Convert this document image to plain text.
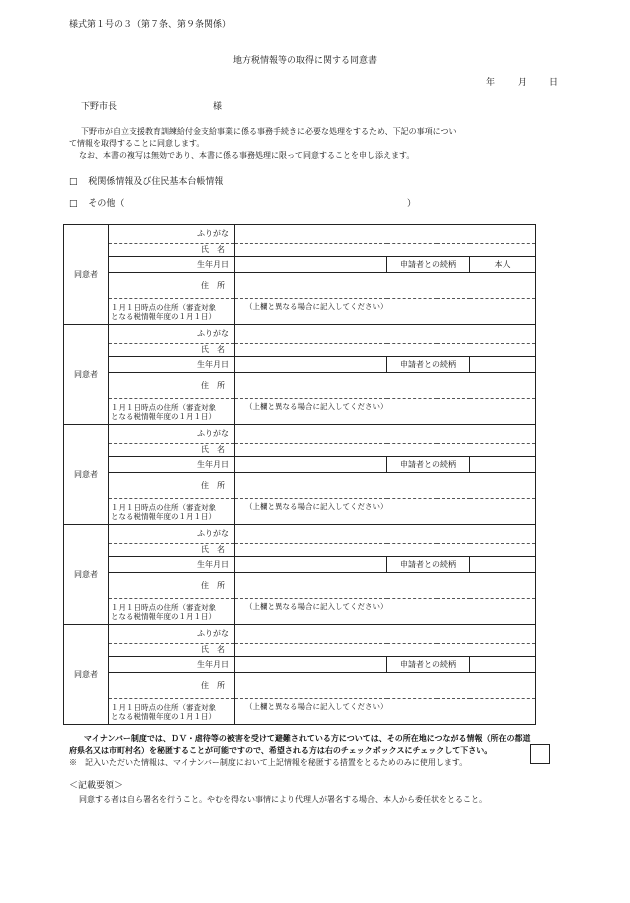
様式第１号の３（第７条、第９条関係）
地方税情報等の取得に関する同意書
年	月 日
下野市長	様
下野市が自立支援教育訓練給付金支給事業に係る事務手続きに必要な処理をするため、下記の事項につい
て情報を取得することに同意します。
なお、本書の複写は無効であり、本書に係る事務処理に限って同意することを申し添えます。
□ 税関係情報及び住民基本台帳情報
□ その他（	）
同意者	ふりがな			
	氏　名			
	生年月日		申請者との続柄	本人
	住　所			

	１月１日時点の住所（審査対象
となる税情報年度の１月１日）	（上欄と異なる場合に記入してください）		
同意者	ふりがな			
	氏　名			
	生年月日		申請者との続柄	
	住　所			

	１月１日時点の住所（審査対象
となる税情報年度の１月１日）	（上欄と異なる場合に記入してください）		
同意者	ふりがな			
	氏　名			
	生年月日		申請者との続柄	
	住　所			

	１月１日時点の住所（審査対象
となる税情報年度の１月１日）	（上欄と異なる場合に記入してください）		
同意者	ふりがな			
	氏　名			
	生年月日		申請者との続柄	
	住　所			

	１月１日時点の住所（審査対象
となる税情報年度の１月１日）	（上欄と異なる場合に記入してください）		
同意者	ふりがな			
	氏　名			
	生年月日		申請者との続柄	
	住　所			

	１月１日時点の住所（審査対象
となる税情報年度の１月１日）	（上欄と異なる場合に記入してください）		
マイナンバー制度では、ＤＶ・虐待等の被害を受けて避難されている方については、その所在地につながる情報（所在の都道
府県名又は市町村名）を秘匿することが可能ですので、希望される方は右のチェックボックスにチェックして下さい。
※　記入いただいた情報は、マイナンバー制度において上記情報を秘匿する措置をとるためのみに使用します。
＜記載要領＞
同意する者は自ら署名を行うこと。やむを得ない事情により代理人が署名する場合、本人から委任状をとること。
